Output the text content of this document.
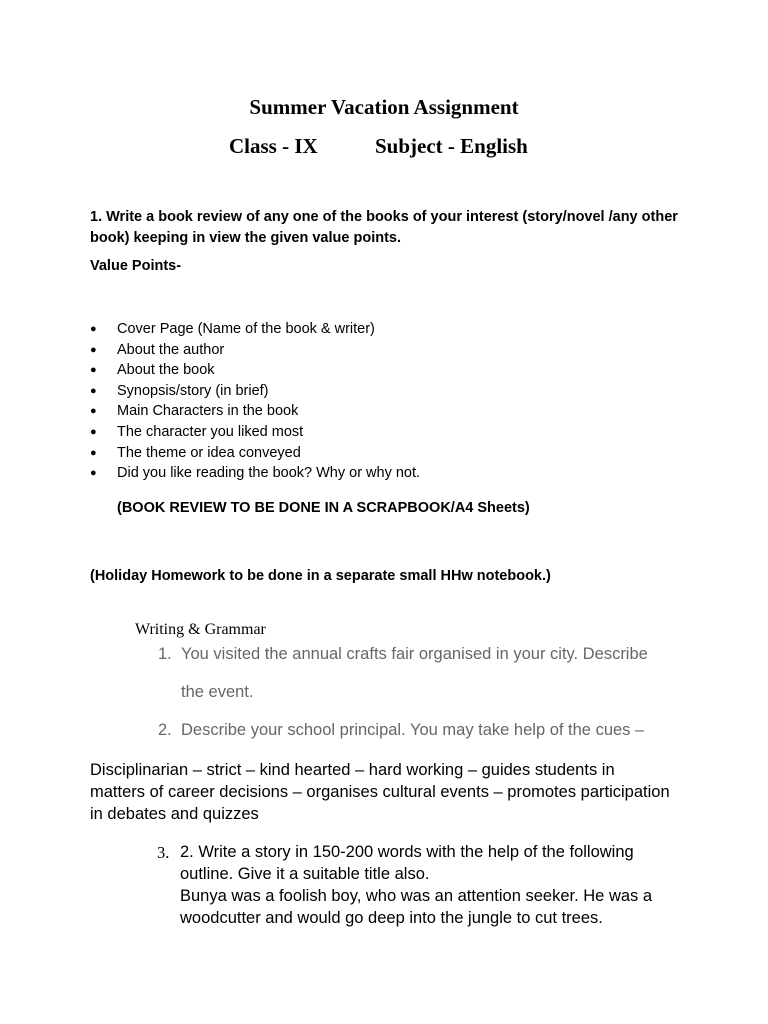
Summer Vacation Assignment
Class - IX	Subject - English

1. Write a book review of any one of the books of your interest (story/novel /any other book) keeping in view the given value points.

Value Points-
● Cover Page (Name of the book & writer)
● About the author
● About the book
● Synopsis/story (in brief)
● Main Characters in the book
● The character you liked most
● The theme or idea conveyed
● Did you like reading the book? Why or why not.
(BOOK REVIEW TO BE DONE IN A SCRAPBOOK/A4 Sheets)
(Holiday Homework to be done in a separate small HHw notebook.)
Writing & Grammar
1. You visited the annual crafts fair organised in your city. Describe
the event.
2. Describe your school principal. You may take help of the cues –

Disciplinarian – strict – kind hearted – hard working – guides students in matters of career decisions – organises cultural events – promotes participation in debates and quizzes

3. 2. Write a story in 150-200 words with the help of the following outline. Give it a suitable title also.
Bunya was a foolish boy, who was an attention seeker. He was a woodcutter and would go deep into the jungle to cut trees.
